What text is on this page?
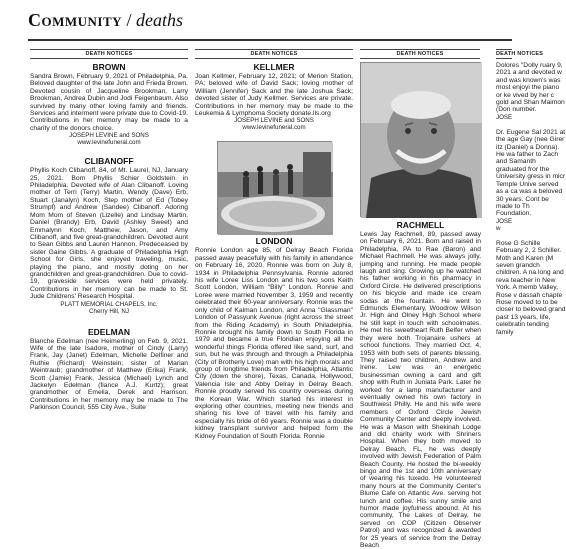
Community / deaths
DEATH NOTICES	DEATH NOTICES	DEATH NOTICES	DEATH NOTICES
BROWN
Sandra Brown, February 9, 2021 of Philadelphia, Pa. Beloved daughter of the late John and Frieda Brown. Devoted cousin of Jacqueline Brookman, Larry Brookman, Andrea Dubin and Jodi Feigenbaum. Also survived by many other loving family and friends. Services and interment were private due to Covid-19. Contributions in her memory may be made to a charity of the donors choice.
JOSEPH LEVINE and SONS
www.levinefuneral.com
CLIBANOFF
Phyllis Koch Clibanoff, 84, of Mt. Laurel, NJ, January 25, 2021. Born Phyllis Schier Goldstein in Philadelphia. Devoted wife of Alan Clibanoff. Loving mother of Terri (Terry) Martin, Wendy (Dave) Erb, Stuart (Janalyn) Koch, Step mother of Ed (Tobey Strumpf) and Andrew (Sandee) Clibanoff. Adoring Mom Mom of Steven (Lizelle) and Lindsay Martin, Daniel (Brandy) Erb, David (Ashley Sweet) and Emmalynn Koch, Matthew, Jason, and Amy Clibanoff, and five great-grandchildren. Devoted aunt to Sean Gibbs and Lauren Hannon. Predeceased by sister Gaine Gibbs. A graduate of Philadelphia High School for Girls, she enjoyed traveling, music, playing the piano, and mostly doting on her grandchildren and great-grandchildren. Due to covid-19, graveside services were held privately. Contributions in her memory can be made to St. Jude Childrens' Research Hospital.
PLATT MEMORIAL CHAPELS, Inc.
Cherry Hill, NJ
EDELMAN
Blanche Edelman (nee Heimerling) on Feb. 9, 2021. Wife of the late Isadore, mother of Cindy (Larry) Frank, Jay (Janet) Edelman, Michelle Delfiner and Ruthie (Richard) Weinstein; sister of Marian Weintraub; grandmother of Matthew (Erika) Frank, Scott (Jamie) Frank, Jessica (Michael) Lynch and Jackelyn Edelman (fiance A.J. Kurtz); great grandmother of Emelia, Derek and Harrison. Contributions in her memory may be made to The Parkinson Council, 555 City Ave., Suite
KELLMER
Joan Kellmer, February 12, 2021; of Merion Station, PA; beloved wife of David Sack; loving mother of William (Jennifer) Sack and the late Joshua Sack; devoted sister of Judy Kellmer. Services are private. Contributions in her memory may be made to the Leukemia & Lymphoma Society donate.lls.org
JOSEPH LEVINE and SONS
www.levinefuneral.com
LONDON
Ronnie London age 85, of Delray Beach Florida passed away peacefully with his family in attendance on February 16, 2020. Ronnie was born on July 8, 1934 in Philadelphia Pennsylvania. Ronnie adored his wife Loree Liss London and his two sons Keith Scott London, William "Billy" London. Ronnie and Loree were married November 3, 1959 and recently celebrated their 60-year anniversary. Ronnie was the only child of Kalman London, and Anna "Glassman" London of Passyunk Avenue (right across the street from the Riding Academy) in South Philadelphia. Ronnie brought his family down to South Florida in 1979 and became a true Floridian enjoying all the wonderful things Florida offered like sand, surf, and sun, but he was through and through a Philadelphia (City of Brotherly Love) man with his high morals and group of longtime friends from Philadelphia, Atlantic City (down the shore), Texas, Canada, Hollywood, Valencia Isle and Abby Delray in Delray Beach. Ronnie proudly served his country overseas during the Korean War. Which started his interest in exploring other countries, meeting new friends and sharing his love of travel with his family and especially his bride of 60 years. Ronnie was a double kidney transplant survivor and helped form the Kidney Foundation of South Florida. Ronnie
RACHMELL
Lewis Jay Rachmell, 89, passed away on February 6, 2021. Born and raised in Philadelphia, PA to Rae (Baron) and Michael Rachmell. He was always jolly, jumping and running. He made people laugh and sing. Growing up he watched his father working in his pharmacy in Oxford Circle. He delivered prescriptions on his bicycle and made ice cream sodas at the fountain. He went to Edmunds Elementary, Woodrow Wilson Jr. High and Olney High School where he still kept in touch with schoolmates. He met his sweetheart Ruth Belfer when they were both Trojanaire ushers at school functions. They married Oct. 4, 1953 with both sets of parents blessing. They raised two children, Andrew and Irene. Lew was an energetic businessman owning a card and gift shop with Ruth in Juniata Park. Later he worked for a lamp manufacturer and eventually owned his own factory in Southwest Philly. He and his wife were members of Oxford Circle Jewish Community Center and deeply involved. He was a Mason with Shekinah Lodge and did charity work with Shriners Hospital. When they both moved to Delray Beach, FL, he was deeply involved with Jewish Federation of Palm Beach County. He hosted the bi-weekly bingo and the 1st and 10th anniversary of wearing his tuxedo. He volunteered many hours at the Community Center's Blume Cafe on Atlantic Ave. serving hot lunch and coffee. His sunny smile and humor made joyfulness abound. At his community, The Lakes of Delray, he served on COP (Citizen Observer Patrol) and was recognized & awarded for 25 years of service from the Delray Beach
Dolores "Dolly ruary 9, 2021 a and devoted w and was known's was most enjoyi the piano or ke vived by her c gold and Shan Maimon (Don number.
JOSE
Dr. Eugene Sal 2021 at the age Gay (nee Girer itz (Daniel) a Donna). He wa father to Zach and Samanth graduated fror the University gress in micr Temple Unive served as a ca was a beloved 30 years. Cont be made to Th Foundation.
JOSE
w
Rose G Schille February 2, 2 Schiller. Moth and Karen (M seven grandch children. A na long and reva teacher in New York. A memb Valley, Rose v dassah chapte Rose moved to to be closer to beloved grand past 13 years, life, celebratin tending family
